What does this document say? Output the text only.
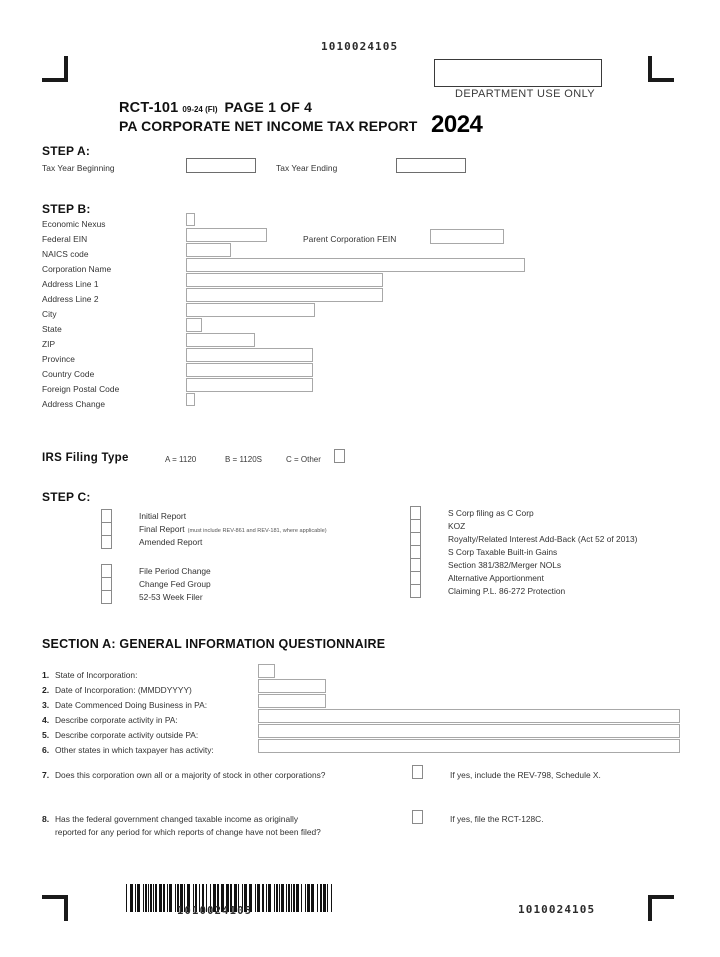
1010024105
DEPARTMENT USE ONLY
RCT-101 09-24 (FI) PAGE 1 OF 4
PA CORPORATE NET INCOME TAX REPORT 2024
STEP A:
Tax Year Beginning	Tax Year Ending
STEP B:
Economic Nexus
Federal EIN
NAICS code
Corporation Name
Address Line 1
Address Line 2
City
State
ZIP
Province
Country Code
Foreign Postal Code
Address Change
Parent Corporation FEIN
IRS Filing Type	A = 1120	B = 1120S	C = Other
STEP C:
Initial Report
Final Report (must include REV-861 and REV-181, where applicable)
Amended Report
File Period Change
Change Fed Group
52-53 Week Filer
S Corp filing as C Corp
KOZ
Royalty/Related Interest Add-Back (Act 52 of 2013)
S Corp Taxable Built-in Gains
Section 381/382/Merger NOLs
Alternative Apportionment
Claiming P.L. 86-272 Protection
SECTION A: GENERAL INFORMATION QUESTIONNAIRE
1. State of Incorporation:
2. Date of Incorporation: (MMDDYYYY)
3. Date Commenced Doing Business in PA:
4. Describe corporate activity in PA:
5. Describe corporate activity outside PA:
6. Other states in which taxpayer has activity:
7. Does this corporation own all or a majority of stock in other corporations?	If yes, include the REV-798, Schedule X.
8. Has the federal government changed taxable income as originally
reported for any period for which reports of change have not been filed?
If yes, file the RCT-128C.
1010024105	1010024105
